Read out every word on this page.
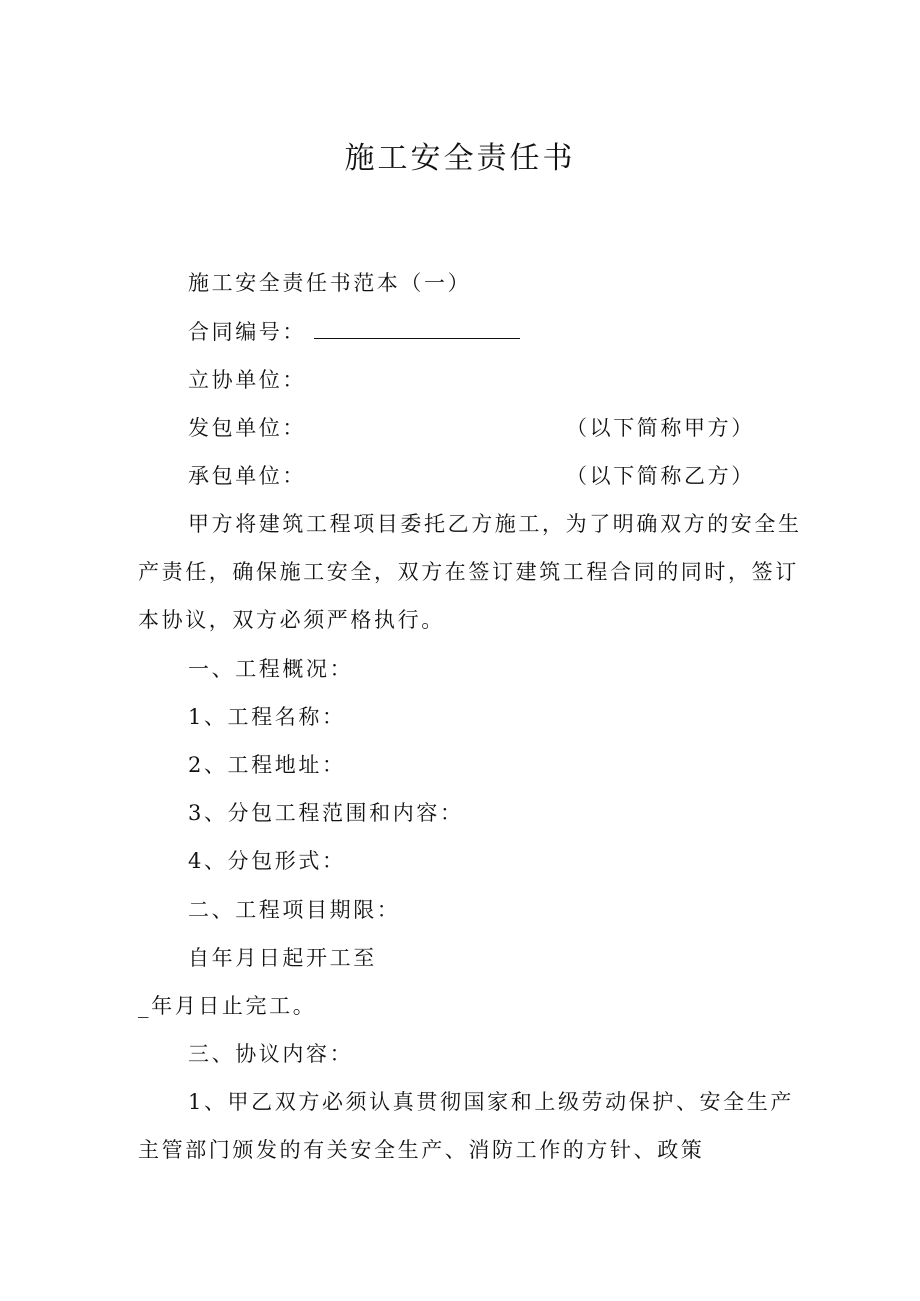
施工安全责任书
施工安全责任书范本（一）
合同编号：
立协单位：
发包单位：	（以下简称甲方）
承包单位：	（以下简称乙方）
甲方将建筑工程项目委托乙方施工，为了明确双方的安全生
产责任，确保施工安全，双方在签订建筑工程合同的同时，签订
本协议，双方必须严格执行。
一、工程概况：
1、工程名称：
2、工程地址：
3、分包工程范围和内容：
4、分包形式：
二、工程项目期限：
自年月日起开工至
_年月日止完工。
三、协议内容：
1、甲乙双方必须认真贯彻国家和上级劳动保护、安全生产
主管部门颁发的有关安全生产、消防工作的方针、政策
